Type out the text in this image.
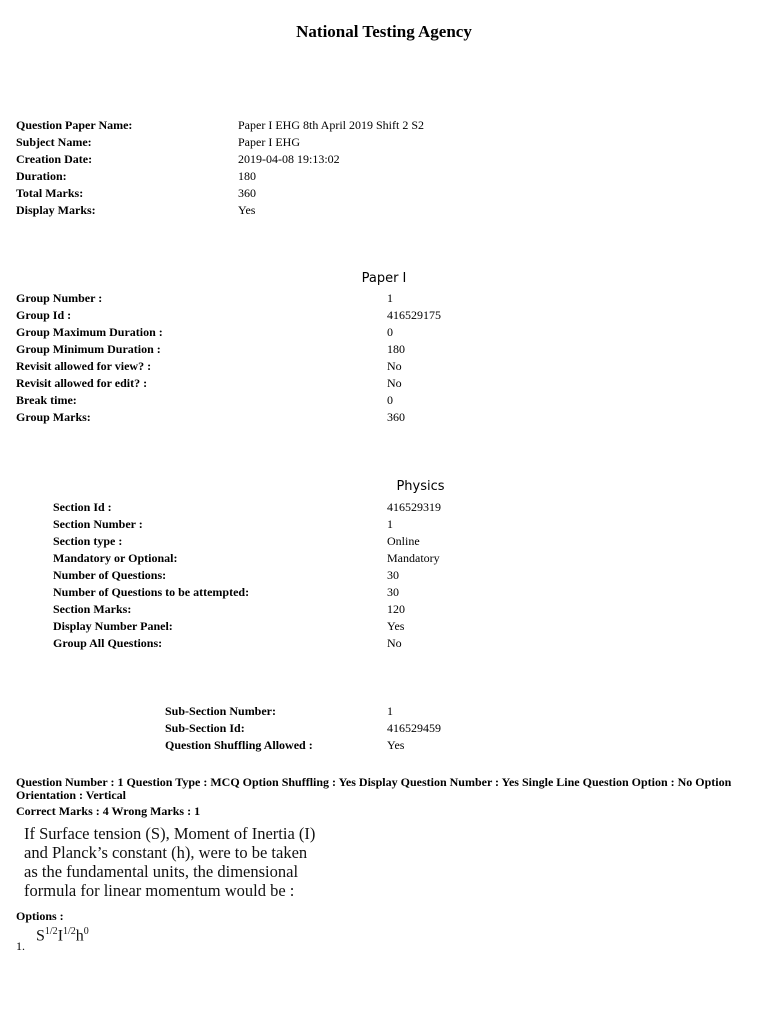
National Testing Agency
Question Paper Name:	Paper I EHG 8th April 2019 Shift 2 S2
Subject Name:	Paper I EHG
Creation Date:	2019-04-08 19:13:02
Duration:	180
Total Marks:	360
Display Marks:	Yes
Paper I
Group Number :	1
Group Id :	416529175
Group Maximum Duration :	0
Group Minimum Duration :	180
Revisit allowed for view? :	No
Revisit allowed for edit? :	No
Break time:	0
Group Marks:	360
Physics
Section Id :	416529319
Section Number :	1
Section type :	Online
Mandatory or Optional:	Mandatory
Number of Questions:	30
Number of Questions to be attempted:	30
Section Marks:	120
Display Number Panel:	Yes
Group All Questions:	No
Sub-Section Number:	1
Sub-Section Id:	416529459
Question Shuffling Allowed :	Yes
Question Number : 1 Question Type : MCQ Option Shuffling : Yes Display Question Number : Yes Single Line Question Option : No Option Orientation : Vertical
Correct Marks : 4 Wrong Marks : 1
If Surface tension (S), Moment of Inertia (I)
and Planck’s constant (h), were to be taken
as the fundamental units, the dimensional
formula for linear momentum would be :
Options :
1.
$S^{1/2}I^{1/2}h^0$
